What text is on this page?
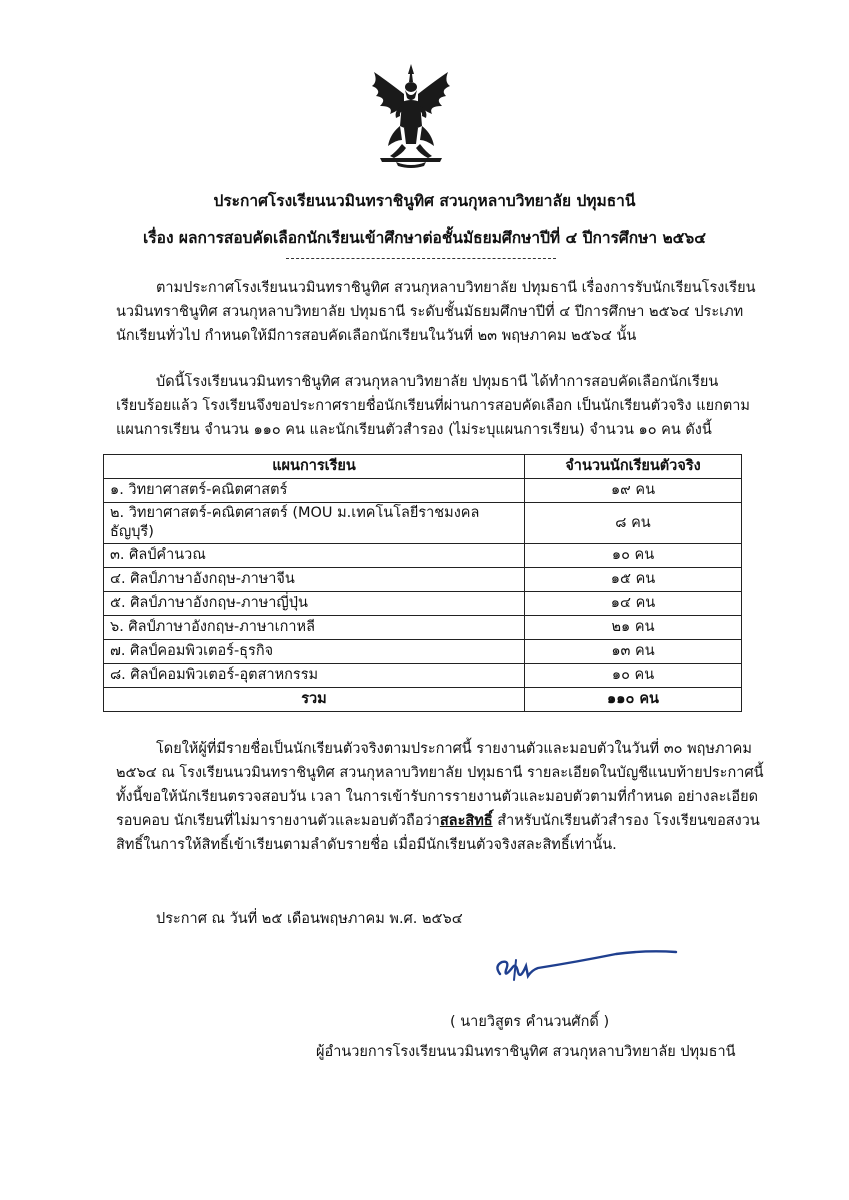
ประกาศโรงเรียนนวมินทราชินูทิศ สวนกุหลาบวิทยาลัย ปทุมธานี
เรื่อง ผลการสอบคัดเลือกนักเรียนเข้าศึกษาต่อชั้นมัธยมศึกษาปีที่ ๔ ปีการศึกษา ๒๕๖๔
ตามประกาศโรงเรียนนวมินทราชินูทิศ สวนกุหลาบวิทยาลัย ปทุมธานี เรื่องการรับนักเรียนโรงเรียน
นวมินทราชินูทิศ สวนกุหลาบวิทยาลัย ปทุมธานี ระดับชั้นมัธยมศึกษาปีที่ ๔ ปีการศึกษา ๒๕๖๔ ประเภท
นักเรียนทั่วไป กำหนดให้มีการสอบคัดเลือกนักเรียนในวันที่ ๒๓ พฤษภาคม ๒๕๖๔ นั้น
บัดนี้โรงเรียนนวมินทราชินูทิศ สวนกุหลาบวิทยาลัย ปทุมธานี ได้ทำการสอบคัดเลือกนักเรียน
เรียบร้อยแล้ว โรงเรียนจึงขอประกาศรายชื่อนักเรียนที่ผ่านการสอบคัดเลือก เป็นนักเรียนตัวจริง แยกตาม
แผนการเรียน จำนวน ๑๑๐ คน และนักเรียนตัวสำรอง (ไม่ระบุแผนการเรียน) จำนวน ๑๐ คน ดังนี้
แผนการเรียน	จำนวนนักเรียนตัวจริง
๑. วิทยาศาสตร์-คณิตศาสตร์	๑๙ คน
๒. วิทยาศาสตร์-คณิตศาสตร์ (MOU ม.เทคโนโลยีราชมงคล ธัญบุรี)	๘ คน
๓. ศิลป์คำนวณ	๑๐ คน
๔. ศิลป์ภาษาอังกฤษ-ภาษาจีน	๑๕ คน
๕. ศิลป์ภาษาอังกฤษ-ภาษาญี่ปุ่น	๑๔ คน
๖. ศิลป์ภาษาอังกฤษ-ภาษาเกาหลี	๒๑ คน
๗. ศิลป์คอมพิวเตอร์-ธุรกิจ	๑๓ คน
๘. ศิลป์คอมพิวเตอร์-อุตสาหกรรม	๑๐ คน
รวม	๑๑๐ คน
โดยให้ผู้ที่มีรายชื่อเป็นนักเรียนตัวจริงตามประกาศนี้ รายงานตัวและมอบตัวในวันที่ ๓๐ พฤษภาคม
๒๕๖๔ ณ โรงเรียนนวมินทราชินูทิศ สวนกุหลาบวิทยาลัย ปทุมธานี รายละเอียดในบัญชีแนบท้ายประกาศนี้
ทั้งนี้ขอให้นักเรียนตรวจสอบวัน เวลา ในการเข้ารับการรายงานตัวและมอบตัวตามที่กำหนด อย่างละเอียด
รอบคอบ นักเรียนที่ไม่มารายงานตัวและมอบตัวถือว่าสละสิทธิ์ สำหรับนักเรียนตัวสำรอง โรงเรียนขอสงวน
สิทธิ์ในการให้สิทธิ์เข้าเรียนตามลำดับรายชื่อ เมื่อมีนักเรียนตัวจริงสละสิทธิ์เท่านั้น.
ประกาศ ณ วันที่ ๒๕ เดือนพฤษภาคม พ.ศ. ๒๕๖๔
( นายวิสูตร คำนวนศักดิ์ )
ผู้อำนวยการโรงเรียนนวมินทราชินูทิศ สวนกุหลาบวิทยาลัย ปทุมธานี
